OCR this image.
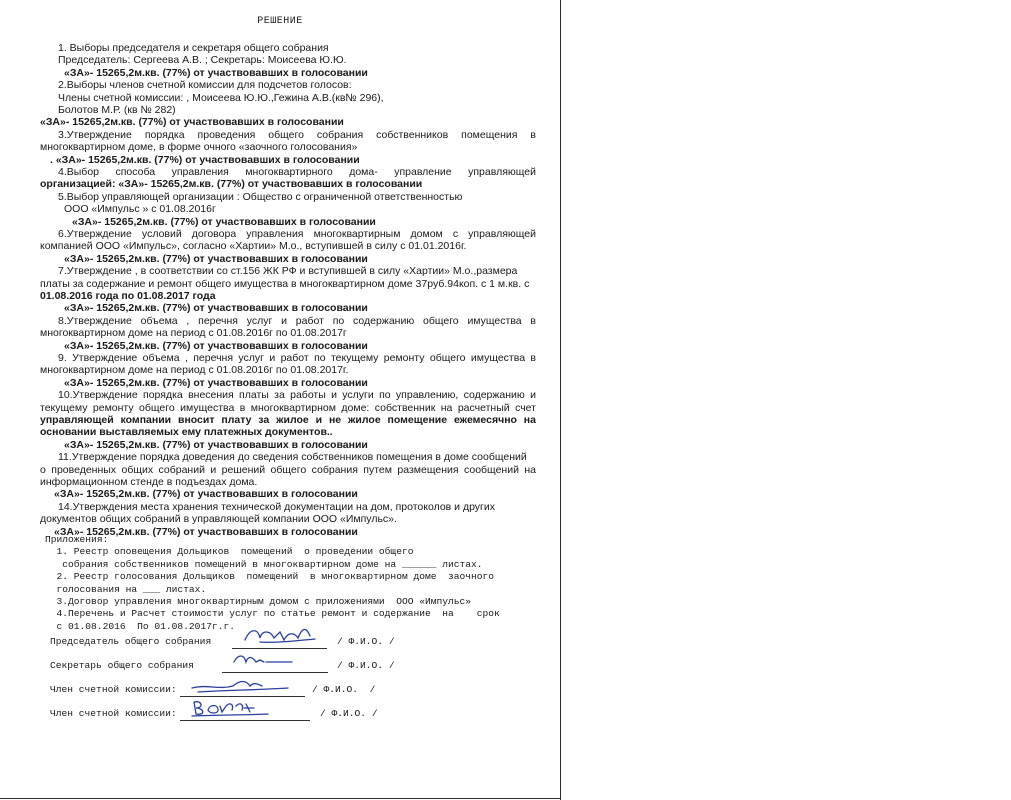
РЕШЕНИЕ
1. Выборы председателя и секретаря общего собрания
Председатель: Сергеева А.В. ; Секретарь: Моисеева Ю.Ю.
«ЗА»- 15265,2м.кв. (77%) от участвовавших в голосовании
2.Выборы членов счетной комиссии для подсчетов голосов:
Члены счетной комиссии: , Моисеева Ю.Ю.,Гежина А.В.(кв№ 296),
Болотов М.Р. (кв № 282)
«ЗА»- 15265,2м.кв. (77%) от участвовавших в голосовании
3.Утверждение порядка проведения общего собрания собственников помещения в
многоквартирном доме, в форме очного «заочного голосования»
. «ЗА»- 15265,2м.кв. (77%) от участвовавших в голосовании
4.Выбор способа управления многоквартирного дома- управление управляющей
организацией: «ЗА»- 15265,2м.кв. (77%) от участвовавших в голосовании
5.Выбор управляющей организации : Общество с ограниченной ответственностью
ООО «Импульс » с 01.08.2016г
«ЗА»- 15265,2м.кв. (77%) от участвовавших в голосовании
6.Утверждение условий договора управления многоквартирным домом с управляющей
компанией ООО «Импульс», согласно «Хартии» М.о., вступившей в силу с 01.01.2016г.
«ЗА»- 15265,2м.кв. (77%) от участвовавших в голосовании
7.Утверждение , в соответствии со ст.156 ЖК РФ и вступившей в силу «Хартии» М.о.,размера
платы за содержание и ремонт общего имущества в многоквартирном доме 37руб.94коп. с 1 м.кв. с
01.08.2016 года по 01.08.2017 года
«ЗА»- 15265,2м.кв. (77%) от участвовавших в голосовании
8.Утверждение объема , перечня услуг и работ по содержанию общего имущества в
многоквартирном доме на период с 01.08.2016г по 01.08.2017г
«ЗА»- 15265,2м.кв. (77%) от участвовавших в голосовании
9. Утверждение объема , перечня услуг и работ по текущему ремонту общего имущества в
многоквартирном доме на период с 01.08.2016г по 01.08.2017г.
«ЗА»- 15265,2м.кв. (77%) от участвовавших в голосовании
10.Утверждение порядка внесения платы за работы и услуги по управлению, содержанию и
текущему ремонту общего имущества в многоквартирном доме: собственник на расчетный счет
управляющей компании вносит плату за жилое и не жилое помещение ежемесячно на
основании выставляемых ему платежных документов..
«ЗА»- 15265,2м.кв. (77%) от участвовавших в голосовании
11.Утверждение порядка доведения до сведения собственников помещения в доме сообщений
о проведенных общих собраний и решений общего собрания путем размещения сообщений на
информационном стенде в подъездах дома.
«ЗА»- 15265,2м.кв. (77%) от участвовавших в голосовании
14.Утверждения места хранения технической документации на дом, протоколов и других
документов общих собраний в управляющей компании ООО «Импульс».
«ЗА»- 15265,2м.кв. (77%) от участвовавших в голосовании
Приложения:
1. Реестр оповещения Дольщиков  помещений  о проведении общего
собрания собственников помещений в многоквартирном доме на ______ листах.
2. Реестр голосования Дольщиков  помещений  в многоквартирном доме  заочного
голосования на ___ листах.
3.Договор управления многоквартирным домом с приложениями  ООО «Импульс»
4.Перечень и Расчет стоимости услуг по статье ремонт и содержание  на    срок
с 01.08.2016  По 01.08.2017г.г.
Председатель общего собрания	/ Ф.И.О. /
Секретарь общего собрания	/ Ф.И.О. /
Член счетной комиссии:	/ Ф.И.О.  /
Член счетной комиссии:	/ Ф.И.О. /
